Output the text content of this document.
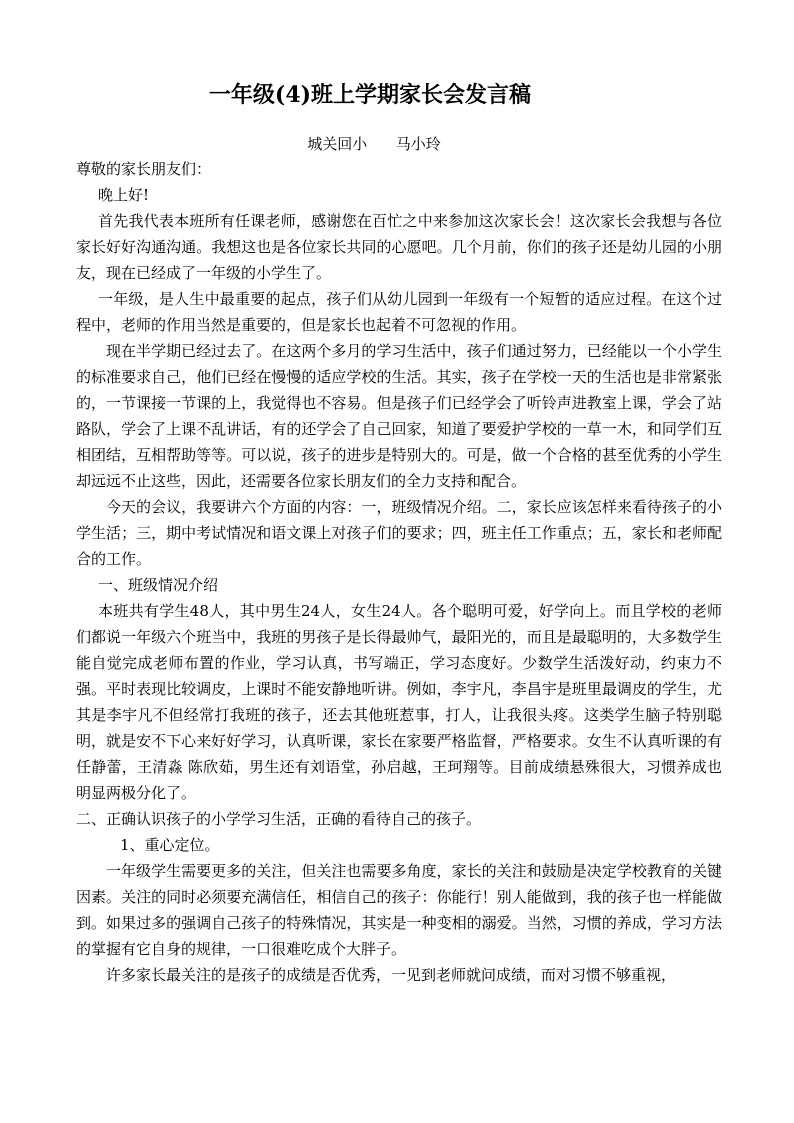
一年级(4)班上学期家长会发言稿

城关回小      马小玲

尊敬的家长朋友们：

晚上好!

首先我代表本班所有任课老师，感谢您在百忙之中来参加这次家长会！这次家长会我想与各位家长好好沟通沟通。我想这也是各位家长共同的心愿吧。几个月前，你们的孩子还是幼儿园的小朋友，现在已经成了一年级的小学生了。

一年级，是人生中最重要的起点，孩子们从幼儿园到一年级有一个短暂的适应过程。在这个过程中，老师的作用当然是重要的，但是家长也起着不可忽视的作用。

现在半学期已经过去了。在这两个多月的学习生活中，孩子们通过努力，已经能以一个小学生的标准要求自己，他们已经在慢慢的适应学校的生活。其实，孩子在学校一天的生活也是非常紧张的，一节课接一节课的上，我觉得也不容易。但是孩子们已经学会了听铃声进教室上课，学会了站路队，学会了上课不乱讲话，有的还学会了自己回家，知道了要爱护学校的一草一木，和同学们互相团结，互相帮助等等。可以说，孩子的进步是特别大的。可是，做一个合格的甚至优秀的小学生却远远不止这些，因此，还需要各位家长朋友们的全力支持和配合。

今天的会议，我要讲六个方面的内容：一，班级情况介绍。二，家长应该怎样来看待孩子的小学生活；三，期中考试情况和语文课上对孩子们的要求；四，班主任工作重点；五，家长和老师配合的工作。

一、班级情况介绍

本班共有学生48人，其中男生24人，女生24人。各个聪明可爱，好学向上。而且学校的老师们都说一年级六个班当中，我班的男孩子是长得最帅气，最阳光的，而且是最聪明的，大多数学生能自觉完成老师布置的作业，学习认真，书写端正，学习态度好。少数学生活泼好动，约束力不强。平时表现比较调皮，上课时不能安静地听讲。例如，李宇凡，李昌宇是班里最调皮的学生，尤其是李宇凡不但经常打我班的孩子，还去其他班惹事，打人，让我很头疼。这类学生脑子特别聪明，就是安不下心来好好学习，认真听课，家长在家要严格监督，严格要求。女生不认真听课的有任静蕾，王清淼 陈欣茹，男生还有刘语堂，孙启越，王珂翔等。目前成绩悬殊很大，习惯养成也明显两极分化了。

二、正确认识孩子的小学学习生活，正确的看待自己的孩子。

1、重心定位。

一年级学生需要更多的关注，但关注也需要多角度，家长的关注和鼓励是决定学校教育的关键因素。关注的同时必须要充满信任，相信自己的孩子：你能行！别人能做到，我的孩子也一样能做到。如果过多的强调自己孩子的特殊情况，其实是一种变相的溺爱。当然，习惯的养成，学习方法的掌握有它自身的规律，一口很难吃成个大胖子。

许多家长最关注的是孩子的成绩是否优秀，一见到老师就问成绩，而对习惯不够重视，
